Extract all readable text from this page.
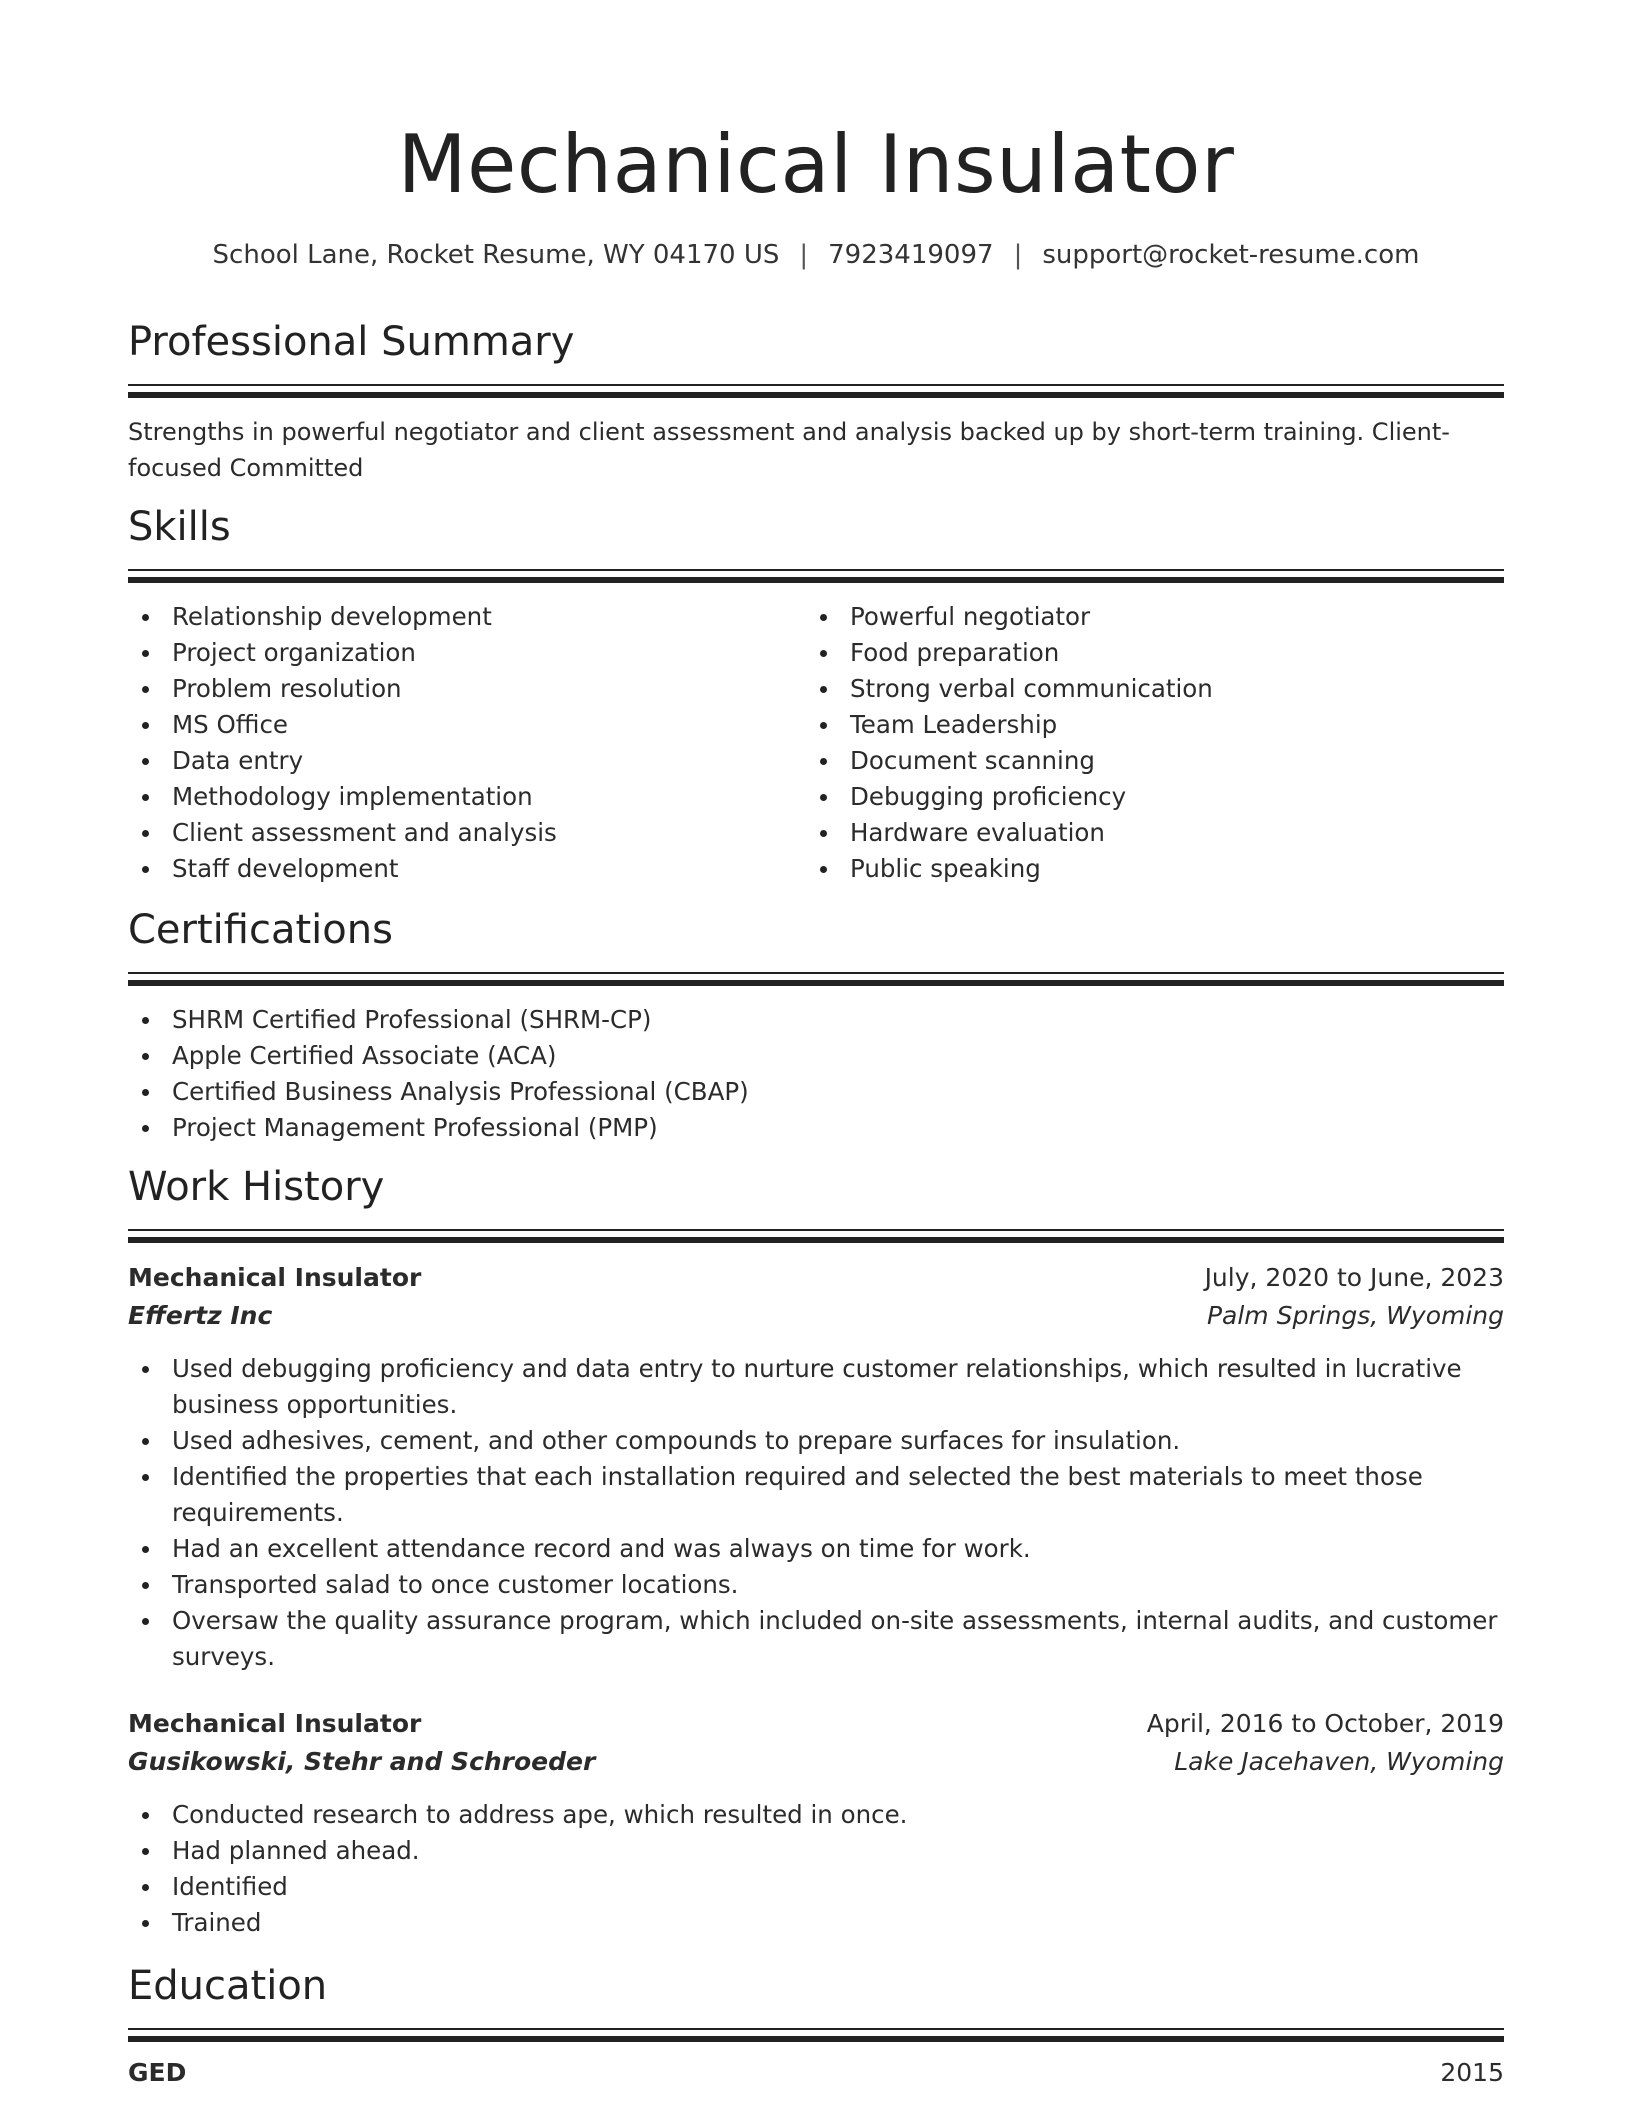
Mechanical Insulator
School Lane, Rocket Resume, WY 04170 US | 7923419097 | support@rocket-resume.com
Professional Summary
Strengths in powerful negotiator and client assessment and analysis backed up by short-term training. Client-focused Committed
Skills
Relationship development
Project organization
Problem resolution
MS Office
Data entry
Methodology implementation
Client assessment and analysis
Staff development
Powerful negotiator
Food preparation
Strong verbal communication
Team Leadership
Document scanning
Debugging proficiency
Hardware evaluation
Public speaking
Certifications
SHRM Certified Professional (SHRM-CP)
Apple Certified Associate (ACA)
Certified Business Analysis Professional (CBAP)
Project Management Professional (PMP)
Work History
Mechanical Insulator	July, 2020 to June, 2023
Effertz Inc	Palm Springs, Wyoming
Used debugging proficiency and data entry to nurture customer relationships, which resulted in lucrative business opportunities.
Used adhesives, cement, and other compounds to prepare surfaces for insulation.
Identified the properties that each installation required and selected the best materials to meet those requirements.
Had an excellent attendance record and was always on time for work.
Transported salad to once customer locations.
Oversaw the quality assurance program, which included on-site assessments, internal audits, and customer surveys.
Mechanical Insulator	April, 2016 to October, 2019
Gusikowski, Stehr and Schroeder	Lake Jacehaven, Wyoming
Conducted research to address ape, which resulted in once.
Had planned ahead.
Identified
Trained
Education
GED	2015
